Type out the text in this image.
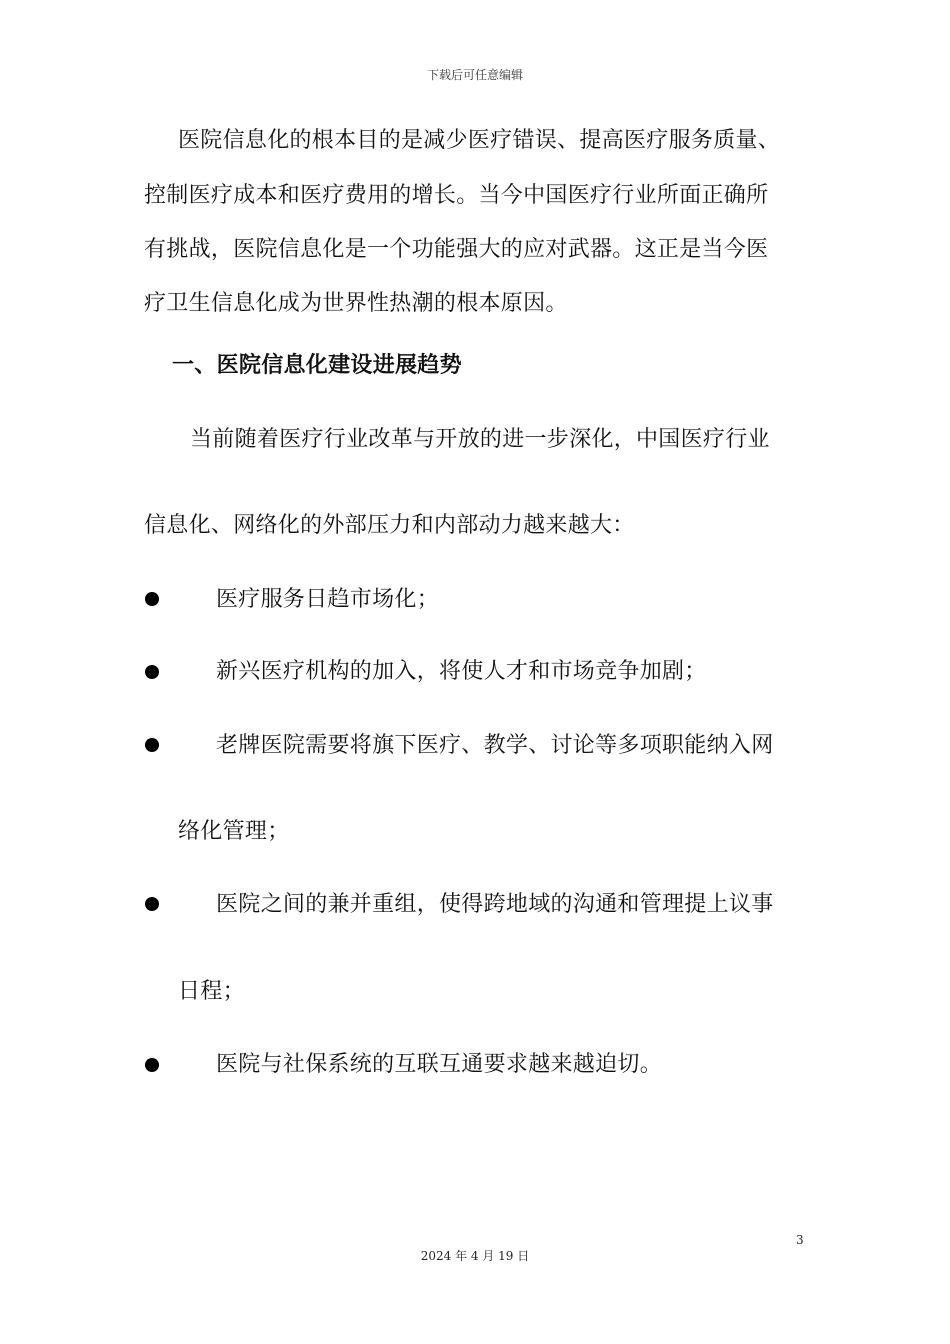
下载后可任意编辑
医院信息化的根本目的是减少医疗错误、提高医疗服务质量、
控制医疗成本和医疗费用的增长。当今中国医疗行业所面正确所
有挑战，医院信息化是一个功能强大的应对武器。这正是当今医
疗卫生信息化成为世界性热潮的根本原因。
一、医院信息化建设进展趋势
当前随着医疗行业改革与开放的进一步深化，中国医疗行业
信息化、网络化的外部压力和内部动力越来越大：
医疗服务日趋市场化；
新兴医疗机构的加入，将使人才和市场竞争加剧；
老牌医院需要将旗下医疗、教学、讨论等多项职能纳入网
络化管理；
医院之间的兼并重组，使得跨地域的沟通和管理提上议事
日程；
医院与社保系统的互联互通要求越来越迫切。
3
2024 年 4 月 19 日
